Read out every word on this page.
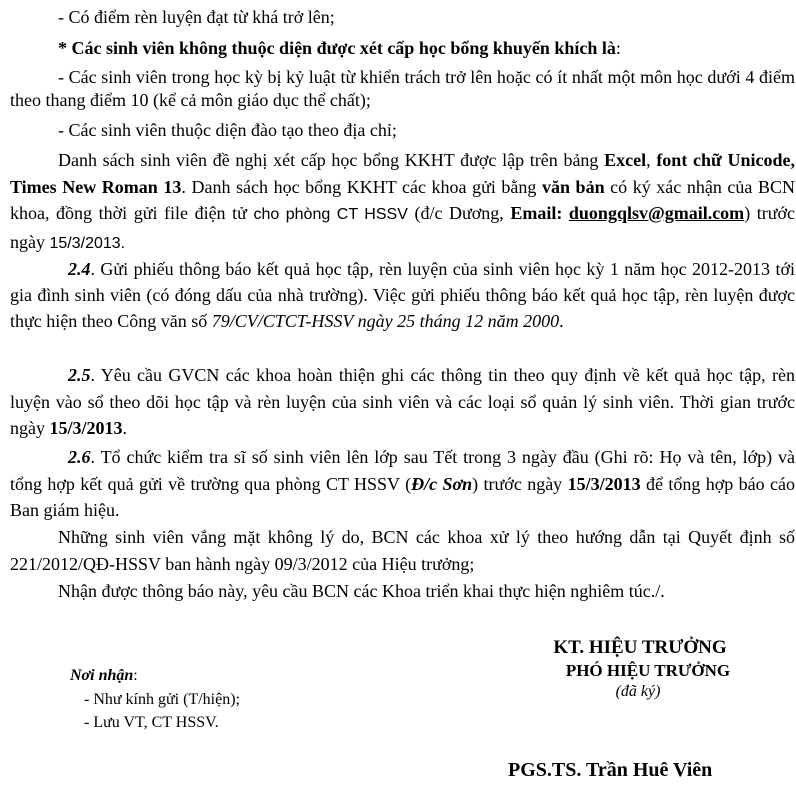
- Có điểm rèn luyện đạt từ khá trở lên;
* Các sinh viên không thuộc diện được xét cấp học bổng khuyến khích là:
- Các sinh viên trong học kỳ bị kỷ luật từ khiển trách trở lên hoặc có ít nhất một môn học dưới 4 điểm theo thang điểm 10 (kể cả môn giáo dục thể chất);
- Các sinh viên thuộc diện đào tạo theo địa chỉ;
Danh sách sinh viên đề nghị xét cấp học bổng KKHT được lập trên bảng Excel, font chữ Unicode, Times New Roman 13. Danh sách học bổng KKHT các khoa gửi bằng văn bản có ký xác nhận của BCN khoa, đồng thời gửi file điện tử cho phòng CT HSSV (đ/c Dương, Email: duongqlsv@gmail.com) trước ngày 15/3/2013.
2.4. Gửi phiếu thông báo kết quả học tập, rèn luyện của sinh viên học kỳ 1 năm học 2012-2013 tới gia đình sinh viên (có đóng dấu của nhà trường). Việc gửi phiếu thông báo kết quả học tập, rèn luyện được thực hiện theo Công văn số 79/CV/CTCT-HSSV ngày 25 tháng 12 năm 2000.
2.5. Yêu cầu GVCN các khoa hoàn thiện ghi các thông tin theo quy định về kết quả học tập, rèn luyện vào sổ theo dõi học tập và rèn luyện của sinh viên và các loại sổ quản lý sinh viên. Thời gian trước ngày 15/3/2013.
2.6. Tổ chức kiểm tra sĩ số sinh viên lên lớp sau Tết trong 3 ngày đầu (Ghi rõ: Họ và tên, lớp) và tổng hợp kết quả gửi về trường qua phòng CT HSSV (Đ/c Sơn) trước ngày 15/3/2013 để tổng hợp báo cáo Ban giám hiệu.
Những sinh viên vắng mặt không lý do, BCN các khoa xử lý theo hướng dẫn tại Quyết định số 221/2012/QĐ-HSSV ban hành ngày 09/3/2012 của Hiệu trưởng;
Nhận được thông báo này, yêu cầu BCN các Khoa triển khai thực hiện nghiêm túc./.
KT. HIỆU TRƯỞNG
PHÓ HIỆU TRƯỞNG
(đã ký)
PGS.TS. Trần Huê Viên
Nơi nhận:
- Như kính gửi (T/hiện);
- Lưu VT, CT HSSV.
